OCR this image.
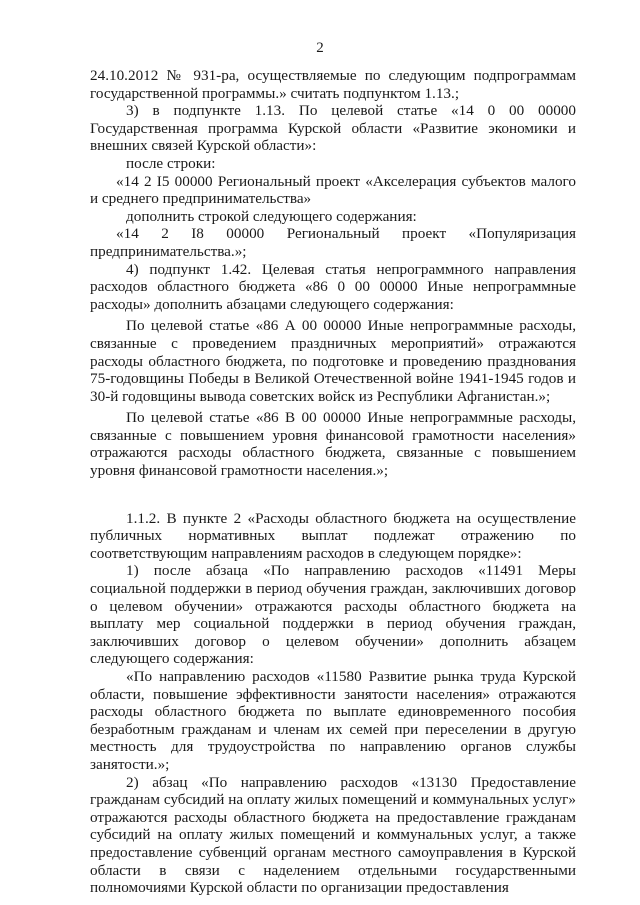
2

24.10.2012 № 931-ра, осуществляемые по следующим подпрограммам государственной программы.» считать подпунктом 1.13.;

3) в подпункте 1.13. По целевой статье «14 0 00 00000 Государственная программа Курской области «Развитие экономики и внешних связей Курской области»:

после строки:

«14 2 I5 00000 Региональный проект «Акселерация субъектов малого и среднего предпринимательства»

дополнить строкой следующего содержания:

«14 2 I8 00000 Региональный проект «Популяризация предпринимательства.»;

4) подпункт 1.42. Целевая статья непрограммного направления расходов областного бюджета «86 0 00 00000 Иные непрограммные расходы» дополнить абзацами следующего содержания:

По целевой статье «86 А 00 00000 Иные непрограммные расходы, связанные с проведением праздничных мероприятий» отражаются расходы областного бюджета, по подготовке и проведению празднования 75-годовщины Победы в Великой Отечественной войне 1941-1945 годов и 30-й годовщины вывода советских войск из Республики Афганистан.»;

По целевой статье «86 В 00 00000 Иные непрограммные расходы, связанные с повышением уровня финансовой грамотности населения» отражаются расходы областного бюджета, связанные с повышением уровня финансовой грамотности населения.»;

1.1.2. В пункте 2 «Расходы областного бюджета на осуществление публичных нормативных выплат подлежат отражению по соответствующим направлениям расходов в следующем порядке»:

1) после абзаца «По направлению расходов «11491 Меры социальной поддержки в период обучения граждан, заключивших договор о целевом обучении» отражаются расходы областного бюджета на выплату мер социальной поддержки в период обучения граждан, заключивших договор о целевом обучении» дополнить абзацем следующего содержания:

«По направлению расходов «11580 Развитие рынка труда Курской области, повышение эффективности занятости населения» отражаются расходы областного бюджета по выплате единовременного пособия безработным гражданам и членам их семей при переселении в другую местность для трудоустройства по направлению органов службы занятости.»;

2) абзац «По направлению расходов «13130 Предоставление гражданам субсидий на оплату жилых помещений и коммунальных услуг» отражаются расходы областного бюджета на предоставление гражданам субсидий на оплату жилых помещений и коммунальных услуг, а также предоставление субвенций органам местного самоуправления в Курской области в связи с наделением отдельными государственными полномочиями Курской области по организации предоставления
